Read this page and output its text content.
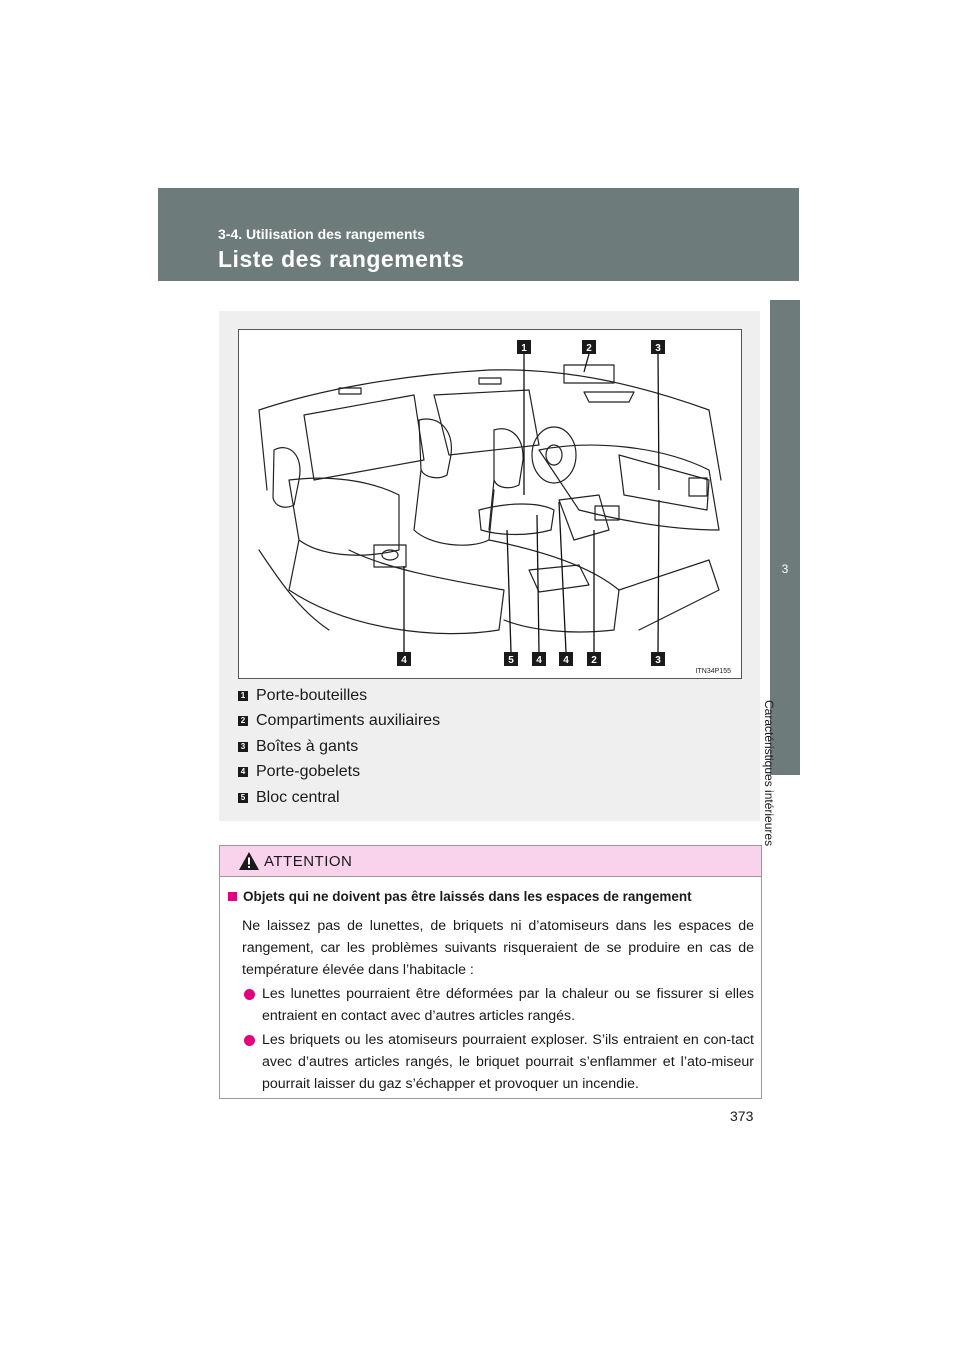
3-4. Utilisation des rangements
Liste des rangements
3
Caractéristiques intérieures
1	2	3
4	5 4 4 2	3
ITN34P155
1 Porte-bouteilles
2 Compartiments auxiliaires
3 Boîtes à gants
4 Porte-gobelets
5 Bloc central
ATTENTION
Objets qui ne doivent pas être laissés dans les espaces de rangement
Ne laissez pas de lunettes, de briquets ni d’atomiseurs dans les espaces de rangement, car les problèmes suivants risqueraient de se produire en cas de température élevée dans l’habitacle :
Les lunettes pourraient être déformées par la chaleur ou se fissurer si elles entraient en contact avec d’autres articles rangés.
Les briquets ou les atomiseurs pourraient exploser. S’ils entraient en con-tact avec d’autres articles rangés, le briquet pourrait s’enflammer et l’ato-miseur pourrait laisser du gaz s’échapper et provoquer un incendie.
373
